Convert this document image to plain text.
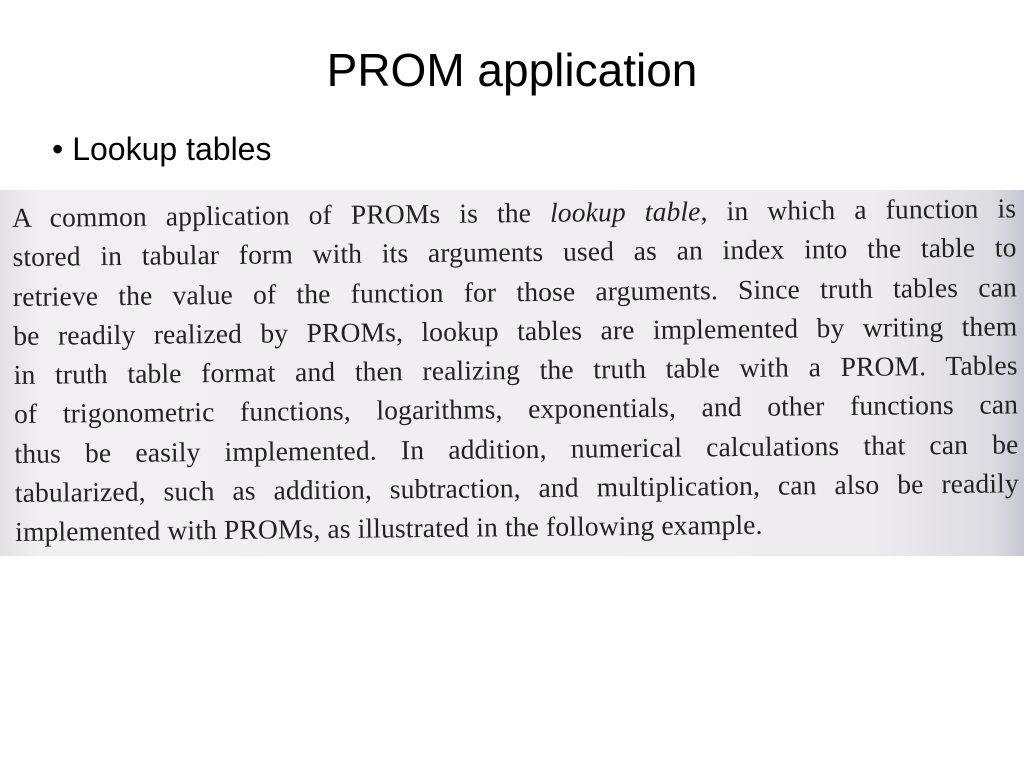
PROM application
• Lookup tables
A common application of PROMs is the lookup table, in which a function is
stored in tabular form with its arguments used as an index into the table to
retrieve the value of the function for those arguments. Since truth tables can
be readily realized by PROMs, lookup tables are implemented by writing them
in truth table format and then realizing the truth table with a PROM. Tables
of trigonometric functions, logarithms, exponentials, and other functions can
thus be easily implemented. In addition, numerical calculations that can be
tabularized, such as addition, subtraction, and multiplication, can also be readily
implemented with PROMs, as illustrated in the following example.
